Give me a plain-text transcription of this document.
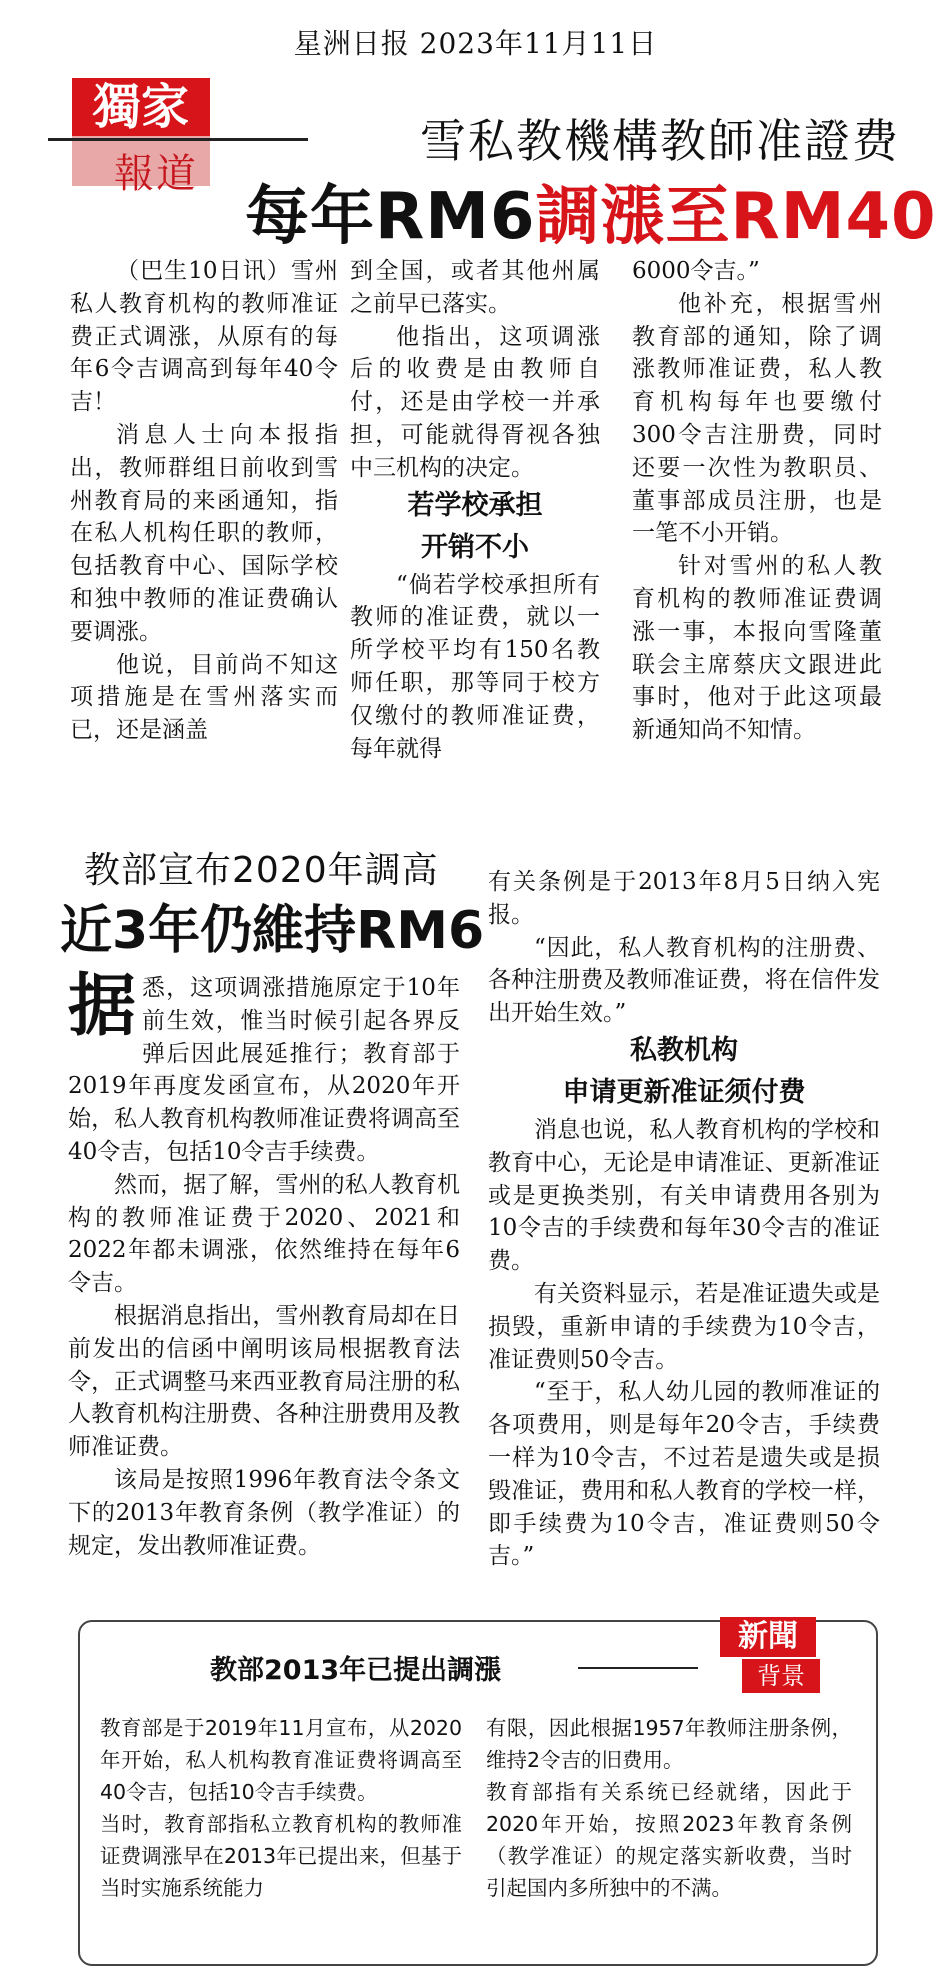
星洲日报 2023年11月11日
獨家
報道
雪私教機構教師准證费
每年RM6調漲至RM40

（巴生10日讯）雪州私人教育机构的教师准证费正式调涨，从原有的每年6令吉调高到每年40令吉！

消息人士向本报指出，教师群组日前收到雪州教育局的来函通知，指在私人机构任职的教师，包括教育中心、国际学校和独中教师的准证费确认要调涨。

他说，目前尚不知这项措施是在雪州落实而已，还是涵盖

到全国，或者其他州属之前早已落实。

他指出，这项调涨后的收费是由教师自付，还是由学校一并承担，可能就得胥视各独中三机构的决定。

若学校承担

开销不小

“倘若学校承担所有教师的准证费，就以一所学校平均有150名教师任职，那等同于校方仅缴付的教师准证费，每年就得

6000令吉。”

他补充，根据雪州教育部的通知，除了调涨教师准证费，私人教育机构每年也要缴付300令吉注册费，同时还要一次性为教职员、董事部成员注册，也是一笔不小开销。

针对雪州的私人教育机构的教师准证费调涨一事，本报向雪隆董联会主席蔡庆文跟进此事时，他对于此这项最新通知尚不知情。

教部宣布2020年調高
近3年仍維持RM6

据悉，这项调涨措施原定于10年前生效，惟当时候引起各界反弹后因此展延推行；教育部于2019年再度发函宣布，从2020年开始，私人教育机构教师准证费将调高至40令吉，包括10令吉手续费。

然而，据了解，雪州的私人教育机构的教师准证费于2020、2021和2022年都未调涨，依然维持在每年6令吉。

根据消息指出，雪州教育局却在日前发出的信函中阐明该局根据教育法令，正式调整马来西亚教育局注册的私人教育机构注册费、各种注册费用及教师准证费。

该局是按照1996年教育法令条文下的2013年教育条例（教学准证）的规定，发出教师准证费。

有关条例是于2013年8月5日纳入宪报。

“因此，私人教育机构的注册费、各种注册费及教师准证费，将在信件发出开始生效。”

私教机构

申请更新准证须付费

消息也说，私人教育机构的学校和教育中心，无论是申请准证、更新准证或是更换类别，有关申请费用各别为10令吉的手续费和每年30令吉的准证费。

有关资料显示，若是准证遗失或是损毁，重新申请的手续费为10令吉，准证费则50令吉。

“至于，私人幼儿园的教师准证的各项费用，则是每年20令吉，手续费一样为10令吉，不过若是遗失或是损毁准证，费用和私人教育的学校一样，即手续费为10令吉，准证费则50令吉。”

教部2013年已提出調漲
新聞
背景

教育部是于2019年11月宣布，从2020年开始，私人机构教育准证费将调高至40令吉，包括10令吉手续费。

当时，教育部指私立教育机构的教师准证费调涨早在2013年已提出来，但基于当时实施系统能力

有限，因此根据1957年教师注册条例，维持2令吉的旧费用。

教育部指有关系统已经就绪，因此于2020年开始，按照2023年教育条例（教学准证）的规定落实新收费，当时引起国内多所独中的不满。
